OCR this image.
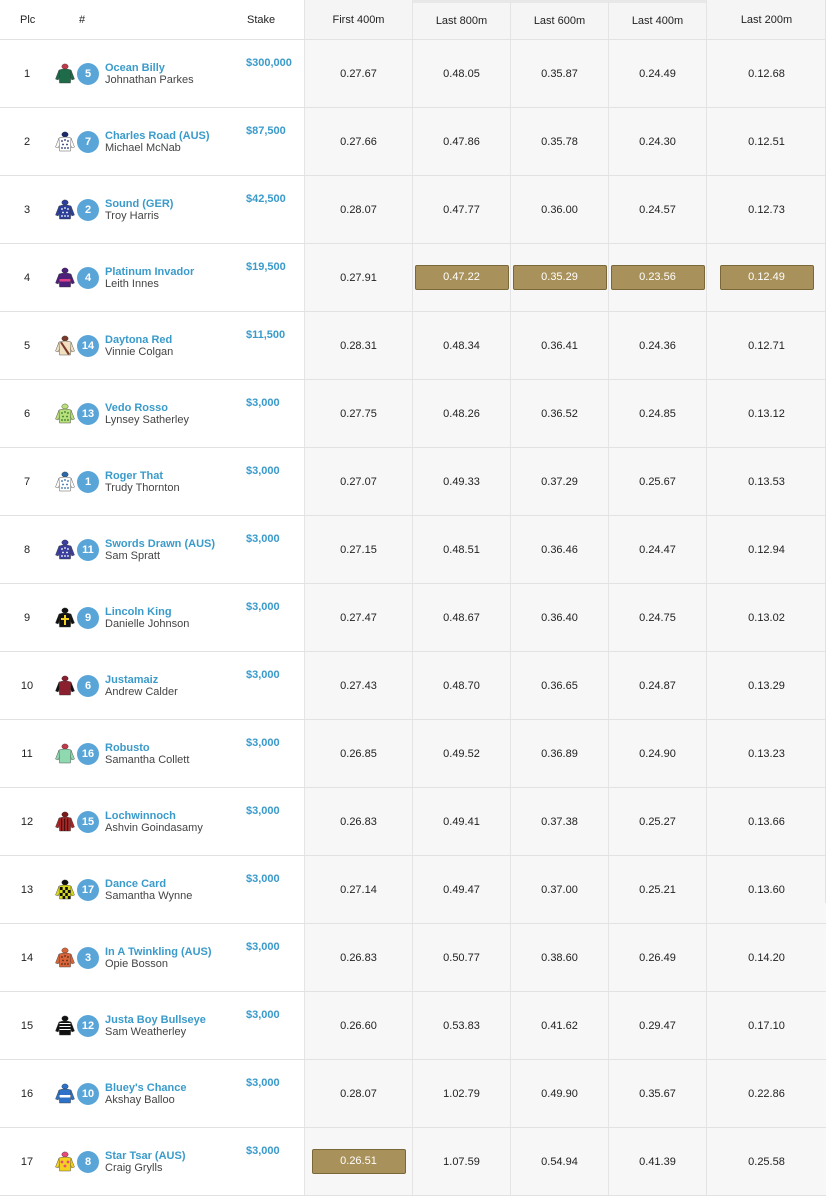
Plc		#		Stake	First 400m	Last 800m	Last 600m	Last 400m	Last 200m
1		5	Ocean Billy
Johnathan Parkes	$300,000	0.27.67	0.48.05	0.35.87	0.24.49	0.12.68
2		7	Charles Road (AUS)
Michael McNab	$87,500	0.27.66	0.47.86	0.35.78	0.24.30	0.12.51
3		2	Sound (GER)
Troy Harris	$42,500	0.28.07	0.47.77	0.36.00	0.24.57	0.12.73
4		4	Platinum Invador
Leith Innes	$19,500	0.27.91	0.47.22	0.35.29	0.23.56	0.12.49
5		14	Daytona Red
Vinnie Colgan	$11,500	0.28.31	0.48.34	0.36.41	0.24.36	0.12.71
6		13	Vedo Rosso
Lynsey Satherley	$3,000	0.27.75	0.48.26	0.36.52	0.24.85	0.13.12
7		1	Roger That
Trudy Thornton	$3,000	0.27.07	0.49.33	0.37.29	0.25.67	0.13.53
8		11	Swords Drawn (AUS)
Sam Spratt	$3,000	0.27.15	0.48.51	0.36.46	0.24.47	0.12.94
9		9	Lincoln King
Danielle Johnson	$3,000	0.27.47	0.48.67	0.36.40	0.24.75	0.13.02
10		6	Justamaiz
Andrew Calder	$3,000	0.27.43	0.48.70	0.36.65	0.24.87	0.13.29
11		16	Robusto
Samantha Collett	$3,000	0.26.85	0.49.52	0.36.89	0.24.90	0.13.23
12		15	Lochwinnoch
Ashvin Goindasamy	$3,000	0.26.83	0.49.41	0.37.38	0.25.27	0.13.66
13		17	Dance Card
Samantha Wynne	$3,000	0.27.14	0.49.47	0.37.00	0.25.21	0.13.60
14		3	In A Twinkling (AUS)
Opie Bosson	$3,000	0.26.83	0.50.77	0.38.60	0.26.49	0.14.20
15		12	Justa Boy Bullseye
Sam Weatherley	$3,000	0.26.60	0.53.83	0.41.62	0.29.47	0.17.10
16		10	Bluey's Chance
Akshay Balloo	$3,000	0.28.07	1.02.79	0.49.90	0.35.67	0.22.86
17		8	Star Tsar (AUS)
Craig Grylls	$3,000	0.26.51	1.07.59	0.54.94	0.41.39	0.25.58
